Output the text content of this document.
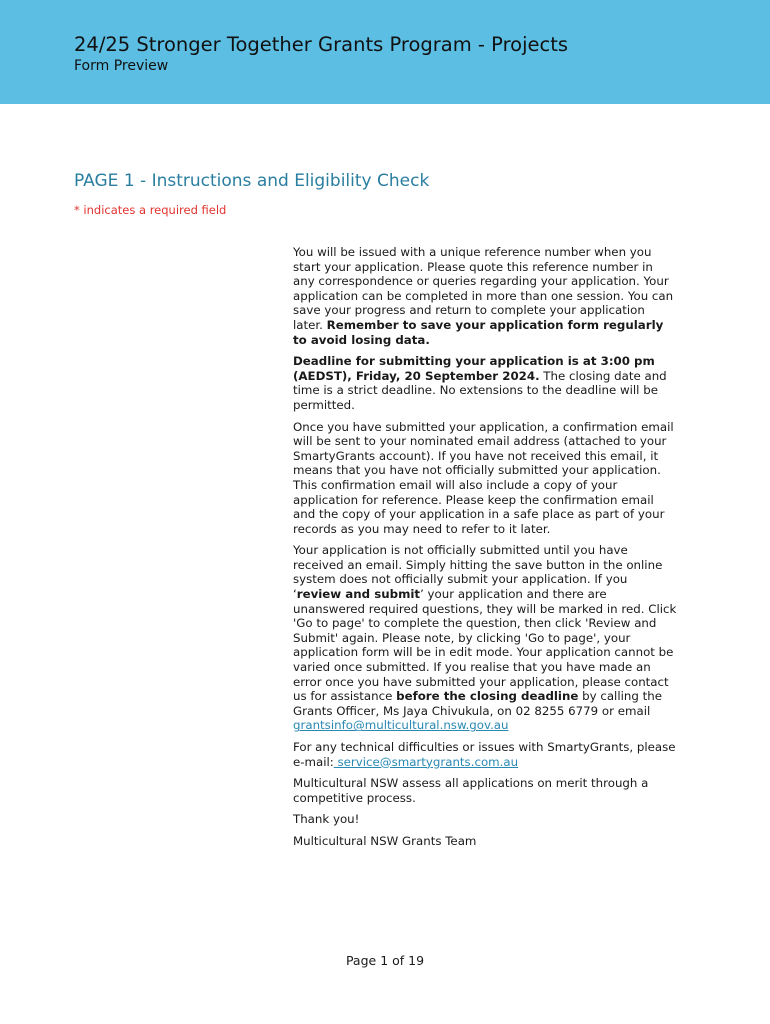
24/25 Stronger Together Grants Program - Projects
Form Preview
PAGE 1 - Instructions and Eligibility Check
* indicates a required field

You will be issued with a unique reference number when you start your application. Please quote this reference number in any correspondence or queries regarding your application. Your application can be completed in more than one session. You can save your progress and return to complete your application later. Remember to save your application form regularly to avoid losing data.

Deadline for submitting your application is at 3:00 pm (AEDST), Friday, 20 September 2024. The closing date and time is a strict deadline. No extensions to the deadline will be permitted.

Once you have submitted your application, a confirmation email will be sent to your nominated email address (attached to your SmartyGrants account). If you have not received this email, it means that you have not officially submitted your application. This confirmation email will also include a copy of your application for reference. Please keep the confirmation email and the copy of your application in a safe place as part of your records as you may need to refer to it later.

Your application is not officially submitted until you have received an email. Simply hitting the save button in the online system does not officially submit your application. If you ‘review and submit’ your application and there are unanswered required questions, they will be marked in red. Click 'Go to page' to complete the question, then click 'Review and Submit' again. Please note, by clicking 'Go to page', your application form will be in edit mode. Your application cannot be varied once submitted. If you realise that you have made an error once you have submitted your application, please contact us for assistance before the closing deadline by calling the Grants Officer, Ms Jaya Chivukula, on 02 8255 6779 or email grantsinfo@multicultural.nsw.gov.au

For any technical difficulties or issues with SmartyGrants, please e-mail: service@smartygrants.com.au

Multicultural NSW assess all applications on merit through a competitive process.

Thank you!

Multicultural NSW Grants Team

Page 1 of 19
